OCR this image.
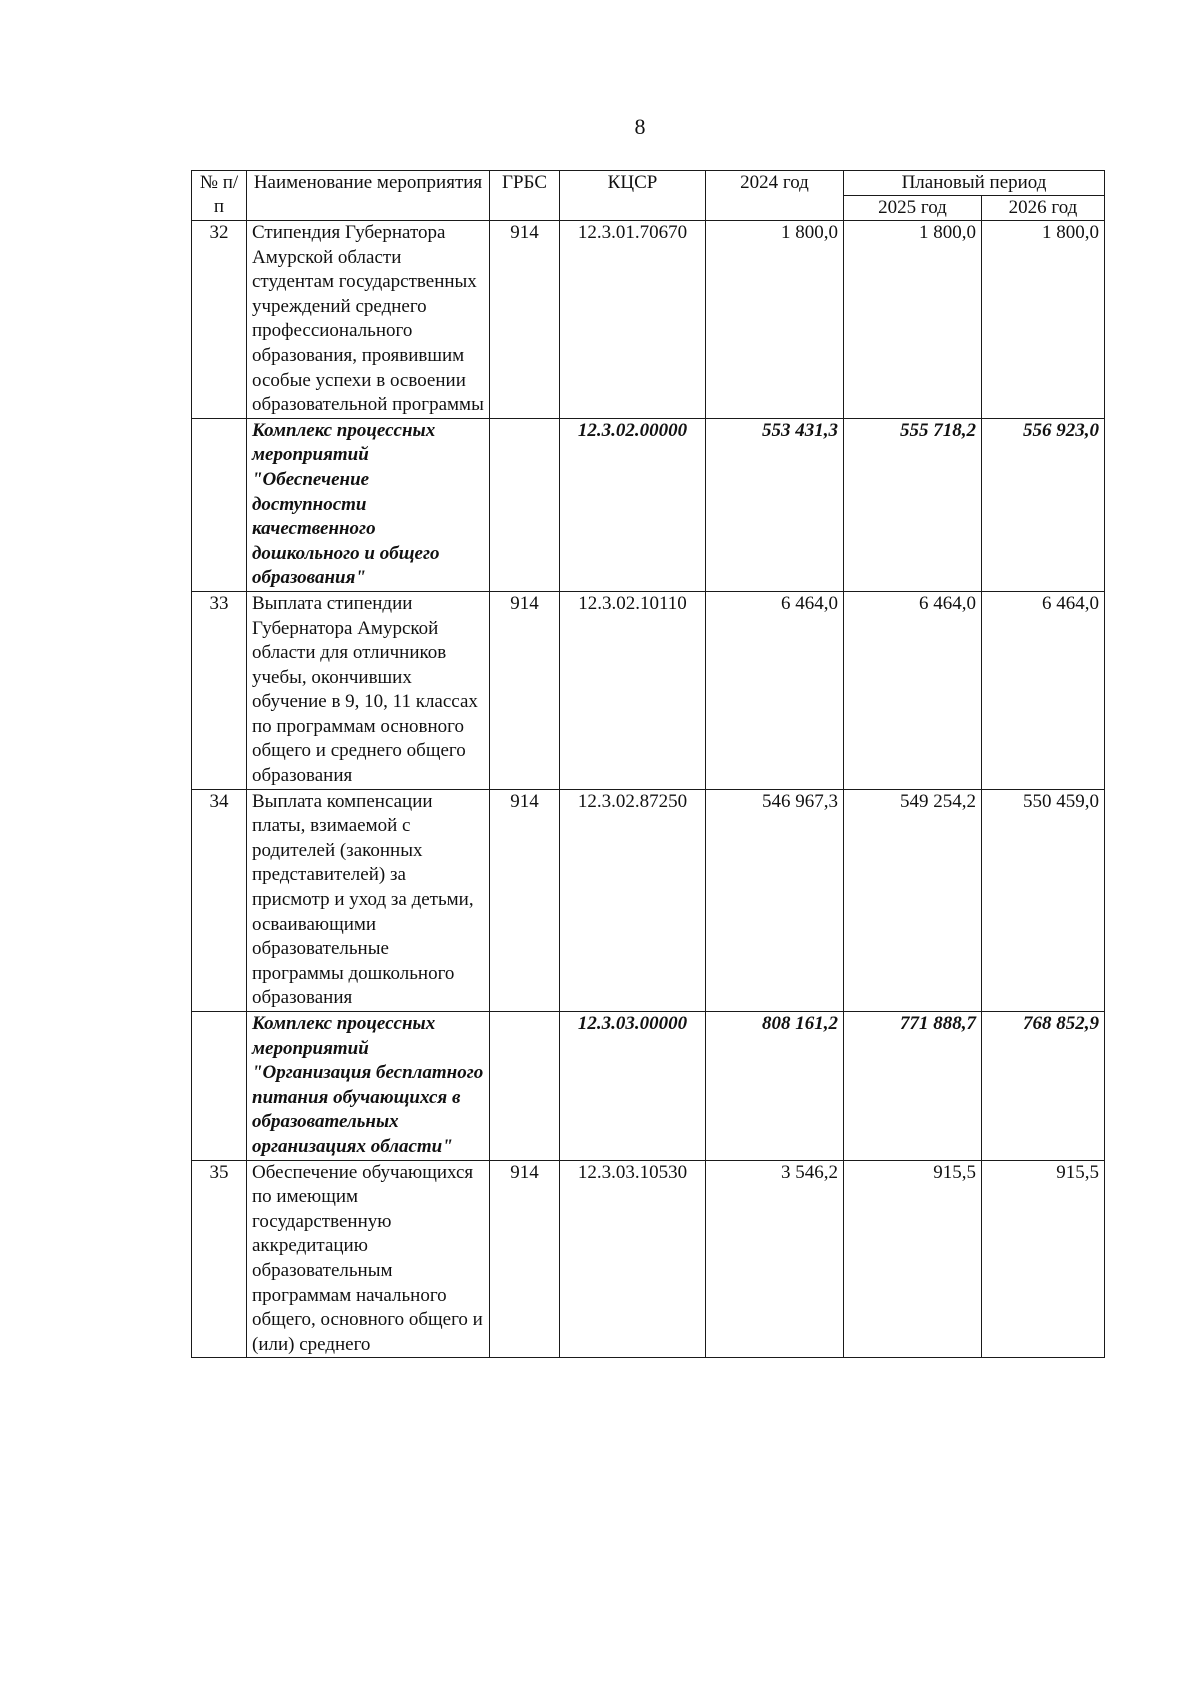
8
№ п/п	Наименование мероприятия	ГРБС	КЦСР	2024 год	Плановый период	
					2025 год	2026 год
32	Стипендия Губернатора Амурской области студентам государственных учреждений среднего профессионального образования, проявившим особые успехи в освоении образовательной программы	914	12.3.01.70670	1 800,0	1 800,0	1 800,0
	Комплекс процессных мероприятий "Обеспечение доступности качественного дошкольного и общего образования"		12.3.02.00000	553 431,3	555 718,2	556 923,0
33	Выплата стипендии Губернатора Амурской области для отличников учебы, окончивших обучение в 9, 10, 11 классах по программам основного общего и среднего общего образования	914	12.3.02.10110	6 464,0	6 464,0	6 464,0
34	Выплата компенсации платы, взимаемой с родителей (законных представителей) за присмотр и уход за детьми, осваивающими образовательные программы дошкольного образования	914	12.3.02.87250	546 967,3	549 254,2	550 459,0
	Комплекс процессных мероприятий "Организация бесплатного питания обучающихся в образовательных организациях области"		12.3.03.00000	808 161,2	771 888,7	768 852,9
35	Обеспечение обучающихся по имеющим государственную аккредитацию образовательным программам начального общего, основного общего и (или) среднего	914	12.3.03.10530	3 546,2	915,5	915,5
